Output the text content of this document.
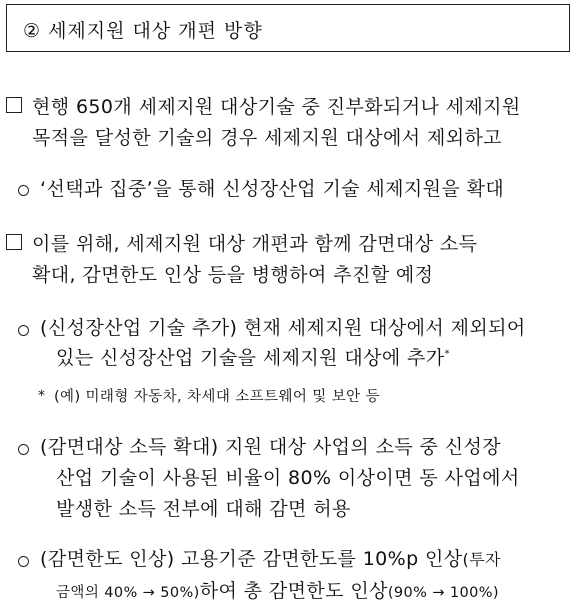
② 세제지원 대상 개편 방향
현행 650개 세제지원 대상기술 중 진부화되거나 세제지원
목적을 달성한 기술의 경우 세제지원 대상에서 제외하고
‘선택과 집중’을 통해 신성장산업 기술 세제지원을 확대
이를 위해, 세제지원 대상 개편과 함께 감면대상 소득
확대, 감면한도 인상 등을 병행하여 추진할 예정
(신성장산업 기술 추가) 현재 세제지원 대상에서 제외되어
있는 신성장산업 기술을 세제지원 대상에 추가*
* (예) 미래형 자동차, 차세대 소프트웨어 및 보안 등
(감면대상 소득 확대) 지원 대상 사업의 소득 중 신성장
산업 기술이 사용된 비율이 80% 이상이면 동 사업에서
발생한 소득 전부에 대해 감면 허용
(감면한도 인상) 고용기준 감면한도를 10%p 인상(투자
금액의 40% → 50%)하여 총 감면한도 인상(90% → 100%)
